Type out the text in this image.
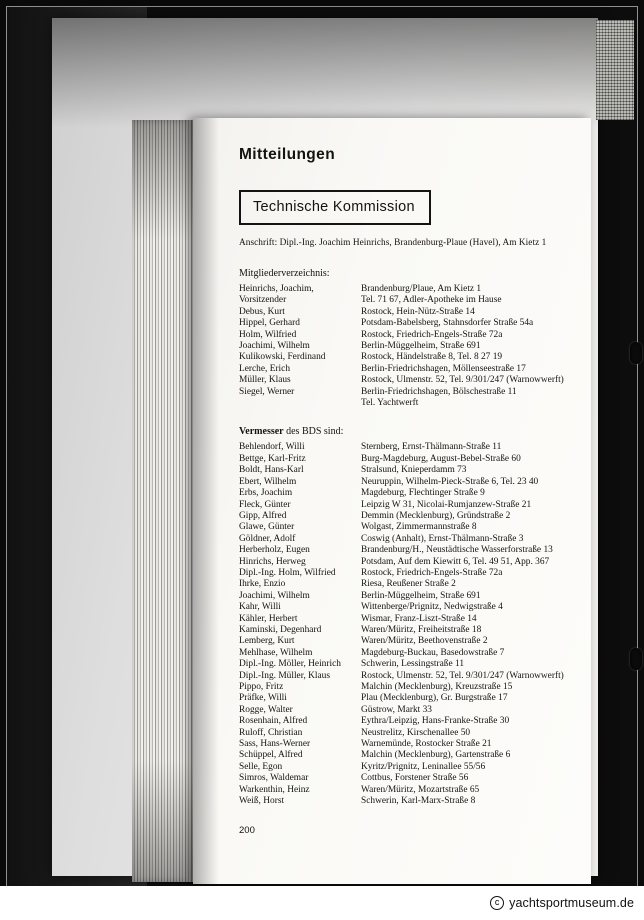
Mitteilungen
Technische Kommission
Anschrift: Dipl.-Ing. Joachim Heinrichs, Brandenburg-Plaue (Havel), Am Kietz 1
Mitgliederverzeichnis:
Heinrichs, Joachim,	Brandenburg/Plaue, Am Kietz 1
Vorsitzender	Tel. 71 67, Adler-Apotheke im Hause
Debus, Kurt	Rostock, Hein-Nütz-Straße 14
Hippel, Gerhard	Potsdam-Babelsberg, Stahnsdorfer Straße 54a
Holm, Wilfried	Rostock, Friedrich-Engels-Straße 72a
Joachimi, Wilhelm	Berlin-Müggelheim, Straße 691
Kulikowski, Ferdinand	Rostock, Händelstraße 8, Tel. 8 27 19
Lerche, Erich	Berlin-Friedrichshagen, Möllenseestraße 17
Müller, Klaus	Rostock, Ulmenstr. 52, Tel. 9/301/247 (Warnowwerft)
Siegel, Werner	Berlin-Friedrichshagen, Bölschestraße 11
	Tel. Yachtwerft
Vermesser des BDS sind:
Behlendorf, Willi	Sternberg, Ernst-Thälmann-Straße 11
Bettge, Karl-Fritz	Burg-Magdeburg, August-Bebel-Straße 60
Boldt, Hans-Karl	Stralsund, Knieperdamm 73
Ebert, Wilhelm	Neuruppin, Wilhelm-Pieck-Straße 6, Tel. 23 40
Erbs, Joachim	Magdeburg, Flechtinger Straße 9
Fleck, Günter	Leipzig W 31, Nicolai-Rumjanzew-Straße 21
Gipp, Alfred	Demmin (Mecklenburg), Gründstraße 2
Glawe, Günter	Wolgast, Zimmermannstraße 8
Göldner, Adolf	Coswig (Anhalt), Ernst-Thälmann-Straße 3
Herberholz, Eugen	Brandenburg/H., Neustädtische Wasserforstraße 13
Hinrichs, Herweg	Potsdam, Auf dem Kiewitt 6, Tel. 49 51, App. 367
Dipl.-Ing. Holm, Wilfried	Rostock, Friedrich-Engels-Straße 72a
Ihrke, Enzio	Riesa, Reußener Straße 2
Joachimi, Wilhelm	Berlin-Müggelheim, Straße 691
Kahr, Willi	Wittenberge/Prignitz, Nedwigstraße 4
Kähler, Herbert	Wismar, Franz-Liszt-Straße 14
Kaminski, Degenhard	Waren/Müritz, Freiheitstraße 18
Lemberg, Kurt	Waren/Müritz, Beethovenstraße 2
Mehlhase, Wilhelm	Magdeburg-Buckau, Basedowstraße 7
Dipl.-Ing. Möller, Heinrich	Schwerin, Lessingstraße 11
Dipl.-Ing. Müller, Klaus	Rostock, Ulmenstr. 52, Tel. 9/301/247 (Warnowwerft)
Pippo, Fritz	Malchin (Mecklenburg), Kreuzstraße 15
Präfke, Willi	Plau (Mecklenburg), Gr. Burgstraße 17
Rogge, Walter	Güstrow, Markt 33
Rosenhain, Alfred	Eythra/Leipzig, Hans-Franke-Straße 30
Ruloff, Christian	Neustrelitz, Kirschenallee 50
Sass, Hans-Werner	Warnemünde, Rostocker Straße 21
Schüppel, Alfred	Malchin (Mecklenburg), Gartenstraße 6
Selle, Egon	Kyritz/Prignitz, Leninallee 55/56
Simros, Waldemar	Cottbus, Forstener Straße 56
Warkenthin, Heinz	Waren/Müritz, Mozartstraße 65
Weiß, Horst	Schwerin, Karl-Marx-Straße 8
200
c yachtsportmuseum.de
